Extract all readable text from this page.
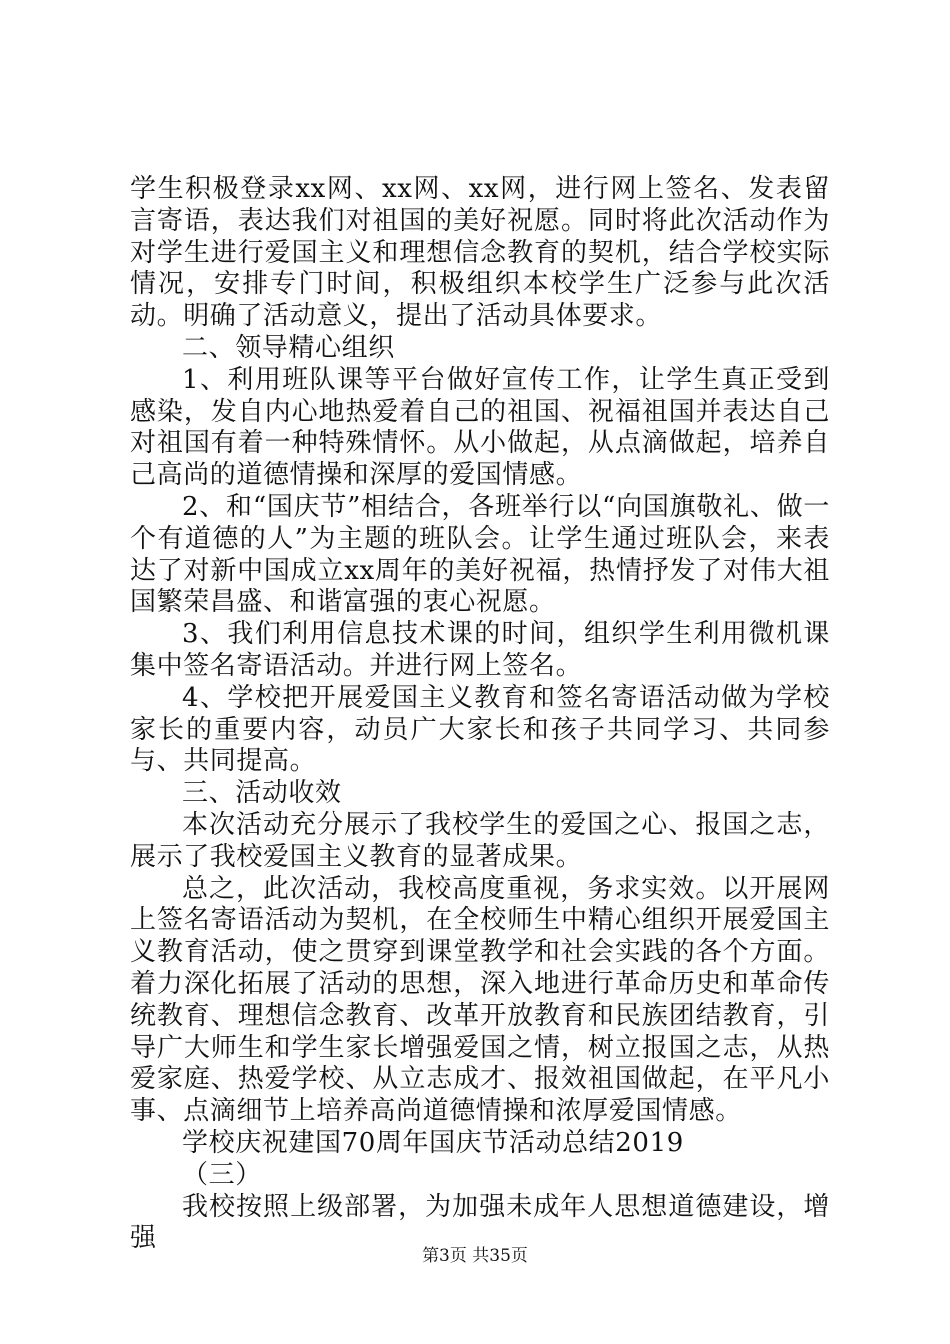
学生积极登录xx网、xx网、xx网，进行网上签名、发表留言寄语，表达我们对祖国的美好祝愿。同时将此次活动作为对学生进行爱国主义和理想信念教育的契机，结合学校实际情况，安排专门时间，积极组织本校学生广泛参与此次活动。明确了活动意义，提出了活动具体要求。

二、领导精心组织

1、利用班队课等平台做好宣传工作，让学生真正受到感染，发自内心地热爱着自己的祖国、祝福祖国并表达自己对祖国有着一种特殊情怀。从小做起，从点滴做起，培养自己高尚的道德情操和深厚的爱国情感。

2、和“国庆节”相结合，各班举行以“向国旗敬礼、做一个有道德的人”为主题的班队会。让学生通过班队会，来表达了对新中国成立xx周年的美好祝福，热情抒发了对伟大祖国繁荣昌盛、和谐富强的衷心祝愿。

3、我们利用信息技术课的时间，组织学生利用微机课集中签名寄语活动。并进行网上签名。

4、学校把开展爱国主义教育和签名寄语活动做为学校家长的重要内容，动员广大家长和孩子共同学习、共同参与、共同提高。

三、活动收效

本次活动充分展示了我校学生的爱国之心、报国之志，展示了我校爱国主义教育的显著成果。

总之，此次活动，我校高度重视，务求实效。以开展网上签名寄语活动为契机，在全校师生中精心组织开展爱国主义教育活动，使之贯穿到课堂教学和社会实践的各个方面。着力深化拓展了活动的思想，深入地进行革命历史和革命传统教育、理想信念教育、改革开放教育和民族团结教育，引导广大师生和学生家长增强爱国之情，树立报国之志，从热爱家庭、热爱学校、从立志成才、报效祖国做起，在平凡小事、点滴细节上培养高尚道德情操和浓厚爱国情感。

学校庆祝建国70周年国庆节活动总结2019

（三）

我校按照上级部署，为加强未成年人思想道德建设，增强

第3页 共35页
